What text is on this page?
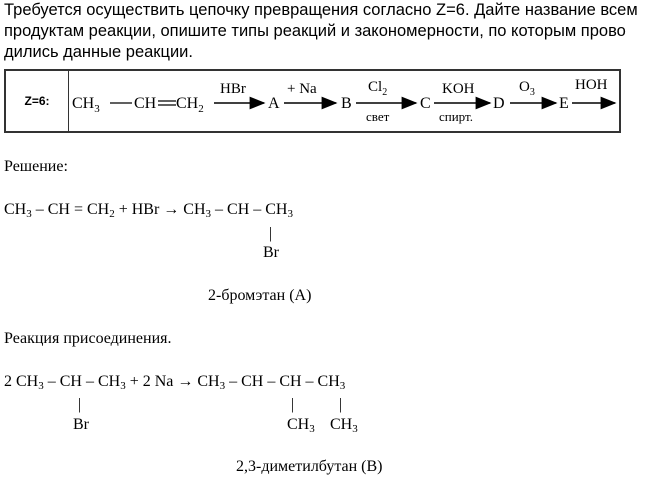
Требуется осуществить цепочку превращения согласно Z=6. Дайте название всем
продуктам реакции, опишите типы реакций и закономерности, по которым прово
дились данные реакции.
Z=6:	$CH_3$ CH $CH_2$
HBr
A
+ Na
B
$Cl_2$
свет
C
KOH
спирт.
D
$O_3$
E
HOH
Решение:
$CH_3$ – CH = $CH_2$ + HBr → $CH_3$ – CH – $CH_3$
|
Br
2-бромэтан (А)
Реакция присоединения.
2 $CH_3$ – CH – $CH_3 + 2$ $Na \to CH_3$ – CH – CH – $CH_3$
|
Br
|	|
$CH_3$ $CH_3$
2,3-диметилбутан (В)
